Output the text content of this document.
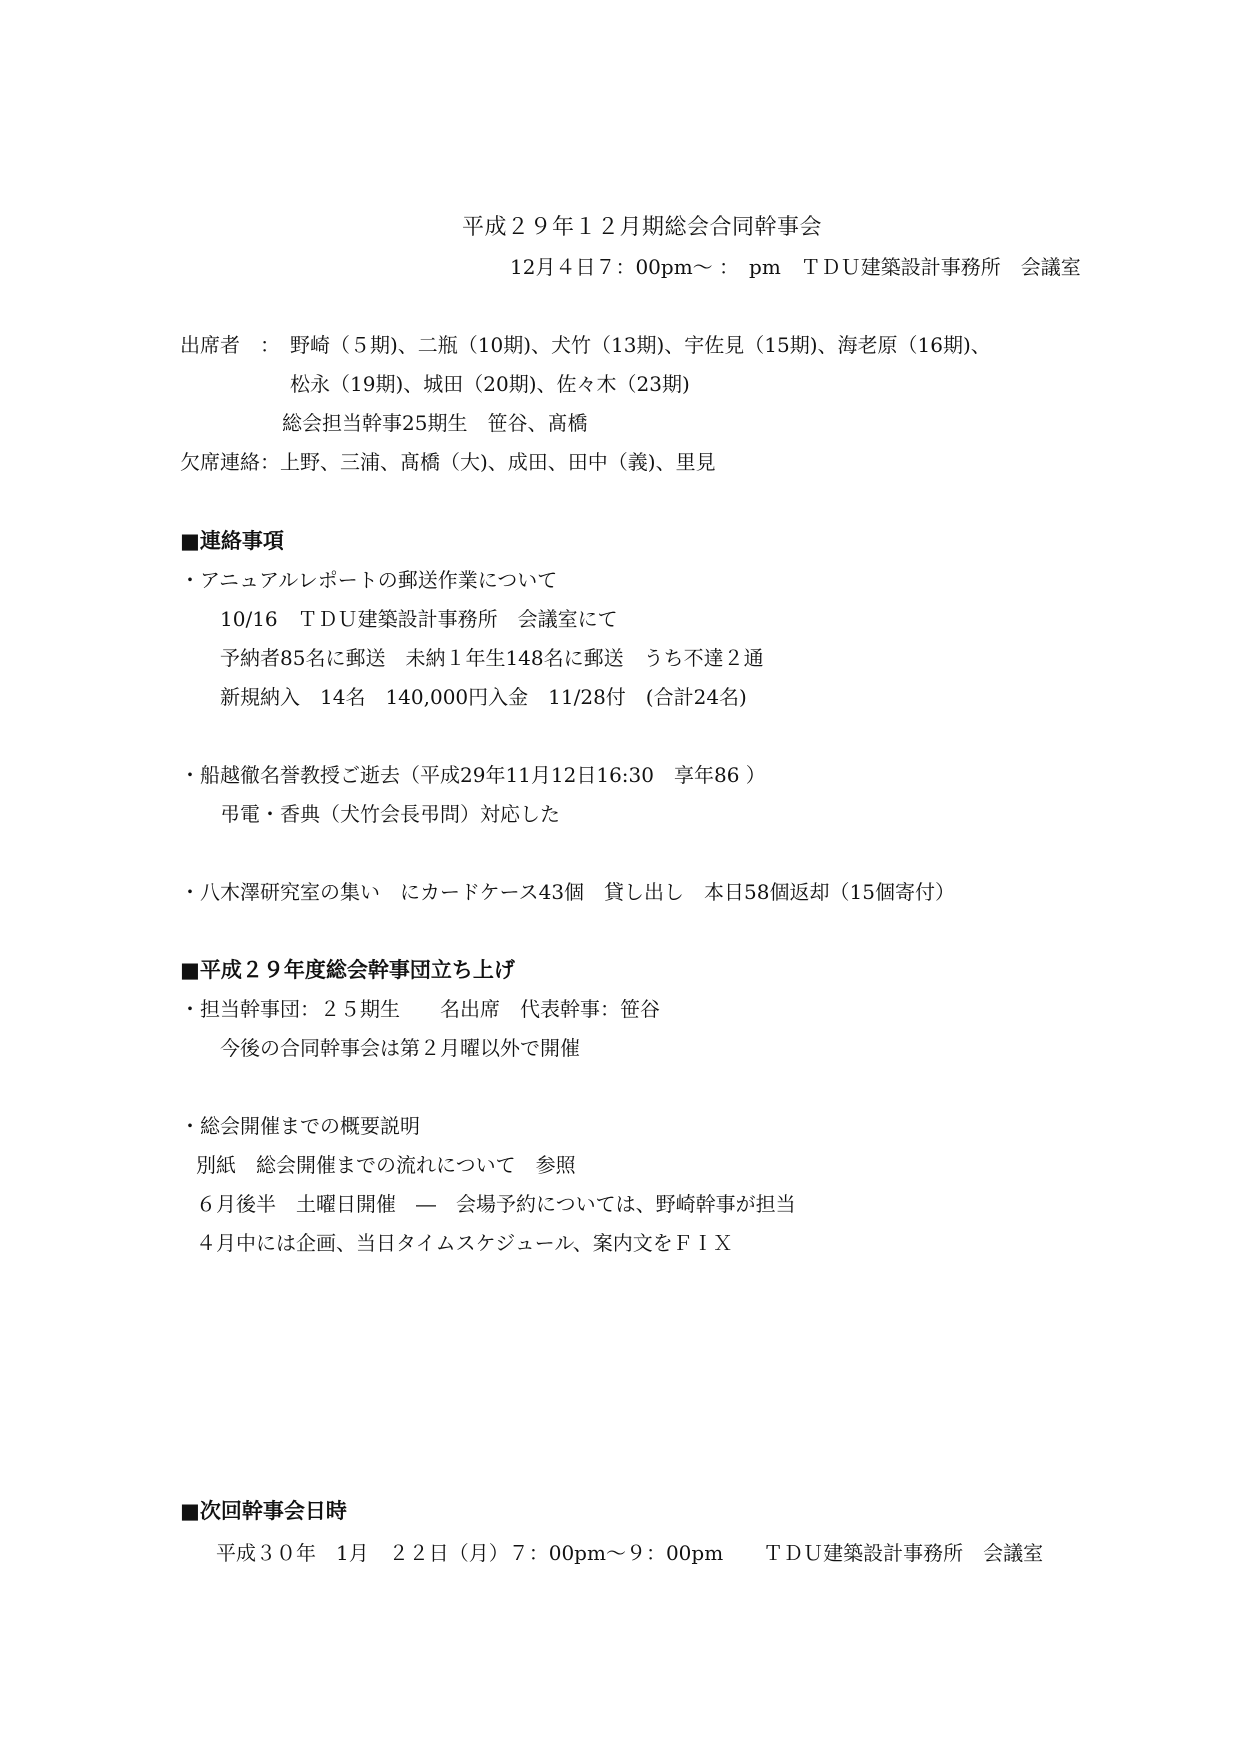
平成２９年１２月期総会合同幹事会
12月４日７：00pm～ ：　pm　ＴＤＵ建築設計事務所　会議室
出席者　： 野崎（５期)、二瓶（10期)、犬竹（13期)、宇佐見（15期)、海老原（16期)、
松永（19期)、城田（20期)、佐々木（23期)
総会担当幹事25期生　笹谷、髙橋
欠席連絡： 上野、三浦、髙橋（大)、成田、田中（義)、里見
■連絡事項
・アニュアルレポートの郵送作業について
10/16　ＴＤＵ建築設計事務所　会議室にて
予納者85名に郵送　未納１年生148名に郵送　うち不達２通
新規納入　14名　140,000円入金　11/28付　(合計24名)
・船越徹名誉教授ご逝去（平成29年11月12日16:30　享年86 ）
弔電・香典（犬竹会長弔問）対応した
・八木澤研究室の集い　にカードケース43個　貸し出し　本日58個返却（15個寄付）
■平成２９年度総会幹事団立ち上げ
・担当幹事団：２５期生　　名出席　代表幹事：笹谷
今後の合同幹事会は第２月曜以外で開催
・総会開催までの概要説明
別紙　総会開催までの流れについて　参照
６月後半　土曜日開催　―　会場予約については、野崎幹事が担当
４月中には企画、当日タイムスケジュール、案内文をＦＩＸ
■次回幹事会日時
平成３０年　1月　２２日（月）７：00pm～９：00pm　　ＴＤＵ建築設計事務所　会議室
